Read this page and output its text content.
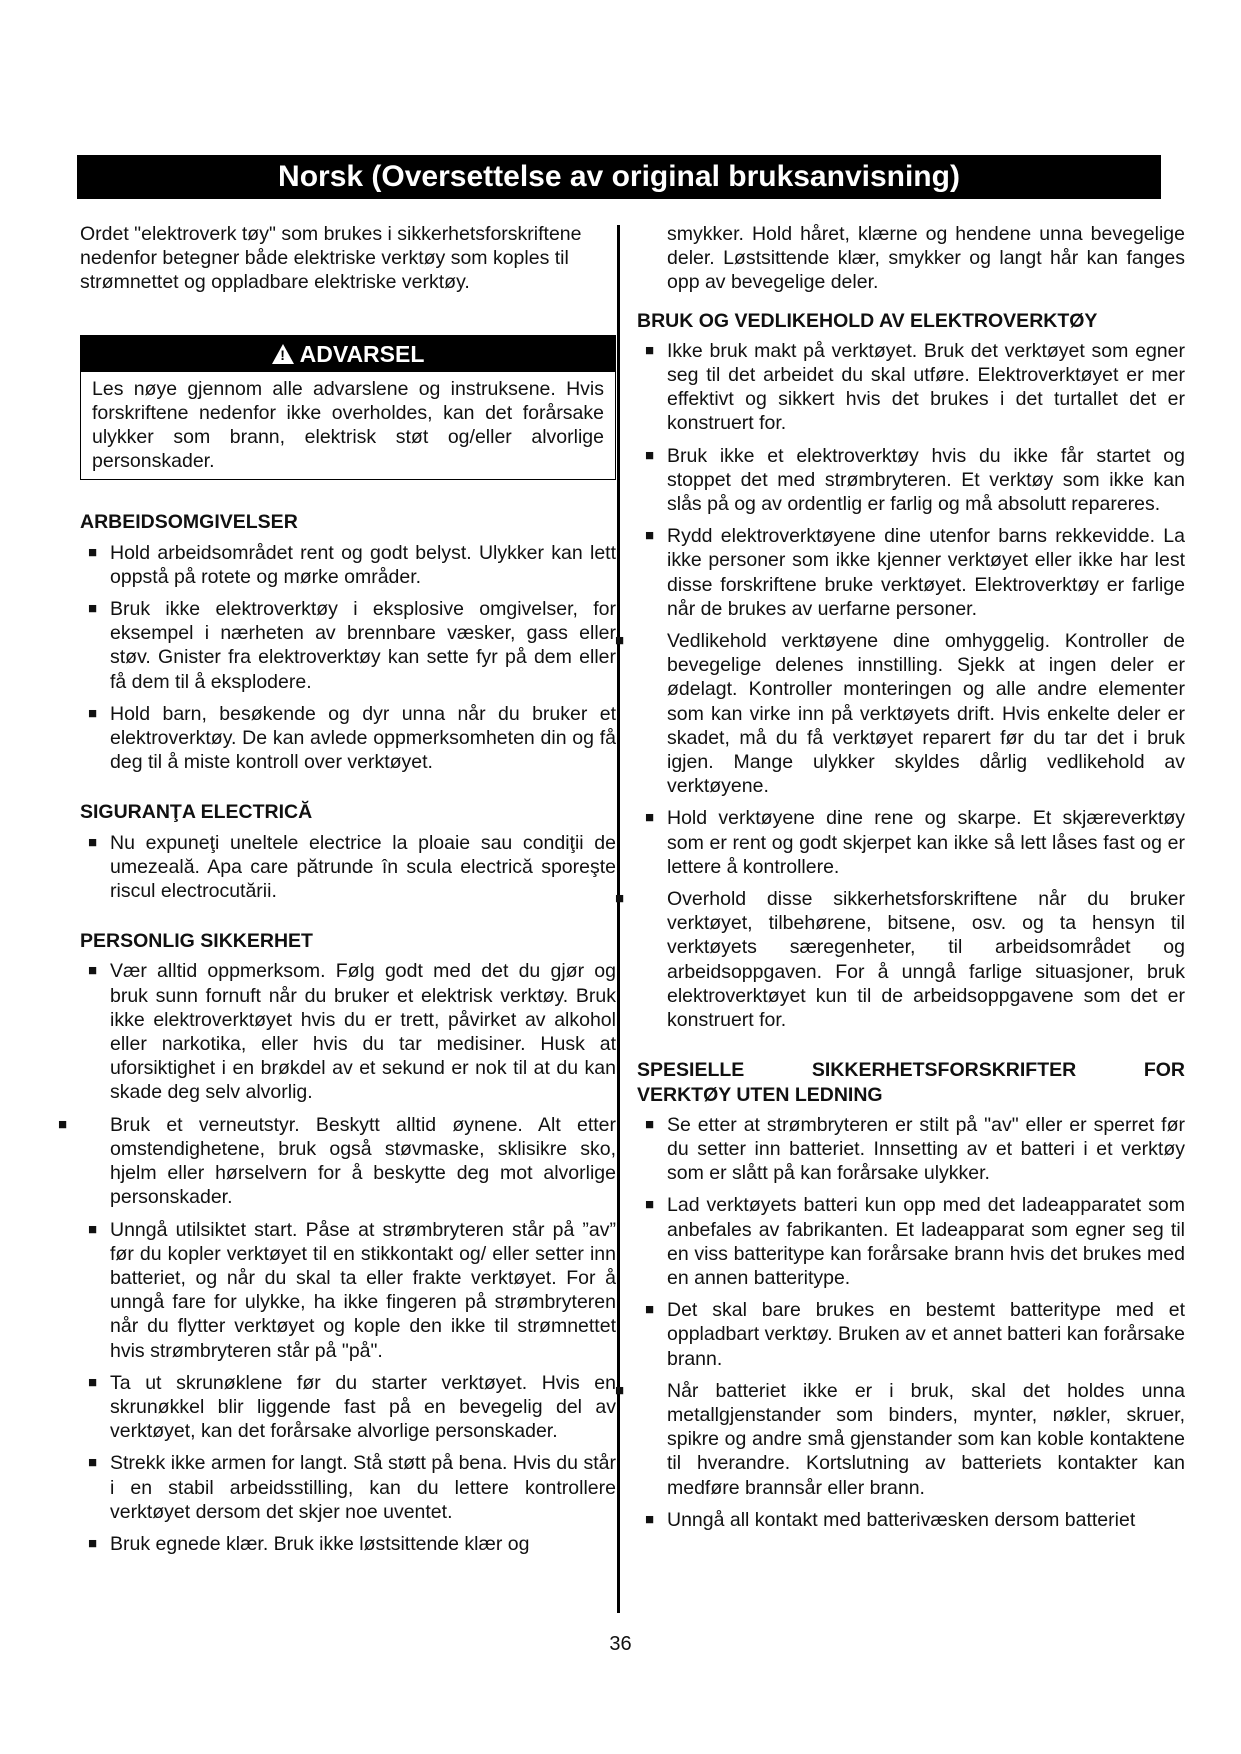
Norsk (Oversettelse av original bruksanvisning)

Ordet "elektroverk tøy" som brukes i sikkerhetsforskriftene nedenfor betegner både elektriske verktøy som koples til strømnettet og oppladbare elektriske verktøy.

! ADVARSEL
Les nøye gjennom alle advarslene og instruksene. Hvis forskriftene nedenfor ikke overholdes, kan det forårsake ulykker som brann, elektrisk støt og/eller alvorlige personskader.
ARBEIDSOMGIVELSER
■ Hold arbeidsområdet rent og godt belyst. Ulykker kan lett oppstå på rotete og mørke områder.
■ Bruk ikke elektroverktøy i eksplosive omgivelser, for eksempel i nærheten av brennbare væsker, gass eller støv. Gnister fra elektroverktøy kan sette fyr på dem eller få dem til å eksplodere.
■ Hold barn, besøkende og dyr unna når du bruker et elektroverktøy. De kan avlede oppmerksomheten din og få deg til å miste kontroll over verktøyet.
SIGURANŢA ELECTRICĂ
■ Nu expuneţi uneltele electrice la ploaie sau condiţii de umezeală. Apa care pătrunde în scula electrică sporeşte riscul electrocutării.
PERSONLIG SIKKERHET
■ Vær alltid oppmerksom. Følg godt med det du gjør og bruk sunn fornuft når du bruker et elektrisk verktøy. Bruk ikke elektroverktøyet hvis du er trett, påvirket av alkohol eller narkotika, eller hvis du tar medisiner. Husk at uforsiktighet i en brøkdel av et sekund er nok til at du kan skade deg selv alvorlig.
■ Bruk et verneutstyr. Beskytt alltid øynene. Alt etter omstendighetene, bruk også støvmaske, sklisikre sko, hjelm eller hørselvern for å beskytte deg mot alvorlige personskader.
■ Unngå utilsiktet start. Påse at strømbryteren står på ”av” før du kopler verktøyet til en stikkontakt og/ eller setter inn batteriet, og når du skal ta eller frakte verktøyet. For å unngå fare for ulykke, ha ikke fingeren på strømbryteren når du flytter verktøyet og kople den ikke til strømnettet hvis strømbryteren står på "på".
■ Ta ut skrunøklene før du starter verktøyet. Hvis en skrunøkkel blir liggende fast på en bevegelig del av verktøyet, kan det forårsake alvorlige personskader.
■ Strekk ikke armen for langt. Stå støtt på bena. Hvis du står i en stabil arbeidsstilling, kan du lettere kontrollere verktøyet dersom det skjer noe uventet.
■ Bruk egnede klær. Bruk ikke løstsittende klær og
smykker. Hold håret, klærne og hendene unna bevegelige deler. Løstsittende klær, smykker og langt hår kan fanges opp av bevegelige deler.
BRUK OG VEDLIKEHOLD AV ELEKTROVERKTØY
■ Ikke bruk makt på verktøyet. Bruk det verktøyet som egner seg til det arbeidet du skal utføre. Elektroverktøyet er mer effektivt og sikkert hvis det brukes i det turtallet det er konstruert for.
■ Bruk ikke et elektroverktøy hvis du ikke får startet og stoppet det med strømbryteren. Et verktøy som ikke kan slås på og av ordentlig er farlig og må absolutt repareres.
■ Rydd elektroverktøyene dine utenfor barns rekkevidde. La ikke personer som ikke kjenner verktøyet eller ikke har lest disse forskriftene bruke verktøyet. Elektroverktøy er farlige når de brukes av uerfarne personer.
■ Vedlikehold verktøyene dine omhyggelig. Kontroller de bevegelige delenes innstilling. Sjekk at ingen deler er ødelagt. Kontroller monteringen og alle andre elementer som kan virke inn på verktøyets drift. Hvis enkelte deler er skadet, må du få verktøyet reparert før du tar det i bruk igjen. Mange ulykker skyldes dårlig vedlikehold av verktøyene.
■ Hold verktøyene dine rene og skarpe. Et skjæreverktøy som er rent og godt skjerpet kan ikke så lett låses fast og er lettere å kontrollere.
■ Overhold disse sikkerhetsforskriftene når du bruker verktøyet, tilbehørene, bitsene, osv. og ta hensyn til verktøyets særegenheter, til arbeidsområdet og arbeidsoppgaven. For å unngå farlige situasjoner, bruk elektroverktøyet kun til de arbeidsoppgavene som det er konstruert for.
SPESIELLE	SIKKERHETSFORSKRIFTER	FOR
VERKTØY UTEN LEDNING
■ Se etter at strømbryteren er stilt på "av" eller er sperret før du setter inn batteriet. Innsetting av et batteri i et verktøy som er slått på kan forårsake ulykker.
■ Lad verktøyets batteri kun opp med det ladeapparatet som anbefales av fabrikanten. Et ladeapparat som egner seg til en viss batteritype kan forårsake brann hvis det brukes med en annen batteritype.
■ Det skal bare brukes en bestemt batteritype med et oppladbart verktøy. Bruken av et annet batteri kan forårsake brann.
■ Når batteriet ikke er i bruk, skal det holdes unna metallgjenstander som binders, mynter, nøkler, skruer, spikre og andre små gjenstander som kan koble kontaktene til hverandre. Kortslutning av batteriets kontakter kan medføre brannsår eller brann.
■ Unngå all kontakt med batterivæsken dersom batteriet
36
